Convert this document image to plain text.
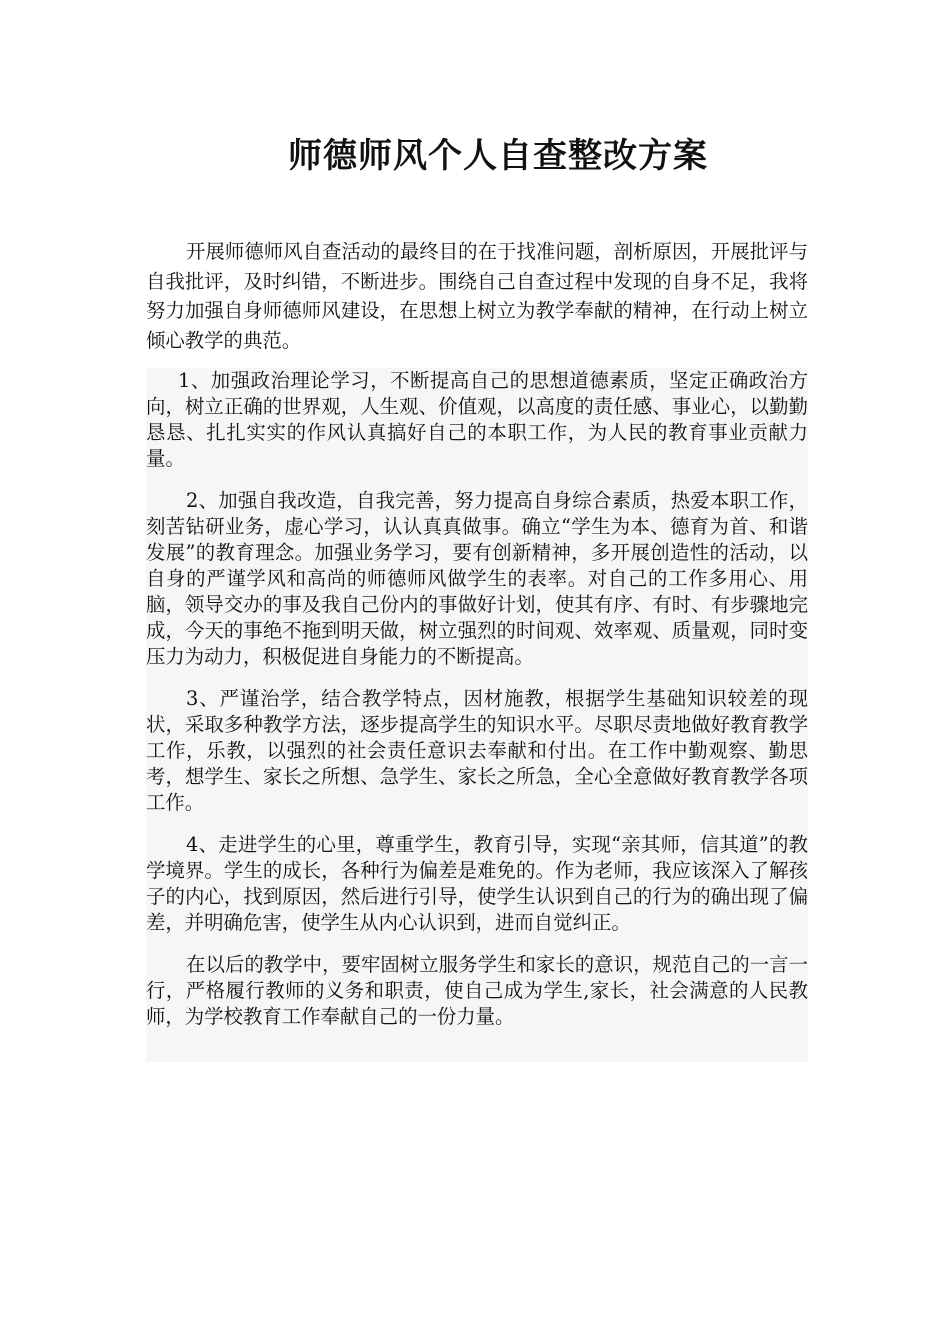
师德师风个人自查整改方案

开展师德师风自查活动的最终目的在于找准问题，剖析原因，开展批评与自我批评，及时纠错，不断进步。围绕自己自查过程中发现的自身不足，我将努力加强自身师德师风建设，在思想上树立为教学奉献的精神，在行动上树立倾心教学的典范。

1、加强政治理论学习，不断提高自己的思想道德素质，坚定正确政治方向，树立正确的世界观，人生观、价值观，以高度的责任感、事业心，以勤勤恳恳、扎扎实实的作风认真搞好自己的本职工作，为人民的教育事业贡献力量。

2、加强自我改造，自我完善，努力提高自身综合素质，热爱本职工作，刻苦钻研业务，虚心学习，认认真真做事。确立“学生为本、德育为首、和谐发展”的教育理念。加强业务学习，要有创新精神，多开展创造性的活动，以自身的严谨学风和高尚的师德师风做学生的表率。对自己的工作多用心、用脑，领导交办的事及我自己份内的事做好计划，使其有序、有时、有步骤地完成，今天的事绝不拖到明天做，树立强烈的时间观、效率观、质量观，同时变压力为动力，积极促进自身能力的不断提高。

3、严谨治学，结合教学特点，因材施教，根据学生基础知识较差的现状，采取多种教学方法，逐步提高学生的知识水平。尽职尽责地做好教育教学工作，乐教，以强烈的社会责任意识去奉献和付出。在工作中勤观察、勤思考，想学生、家长之所想、急学生、家长之所急，全心全意做好教育教学各项工作。

4、走进学生的心里，尊重学生，教育引导，实现“亲其师，信其道”的教学境界。学生的成长，各种行为偏差是难免的。作为老师，我应该深入了解孩子的内心，找到原因，然后进行引导，使学生认识到自己的行为的确出现了偏差，并明确危害，使学生从内心认识到，进而自觉纠正。

在以后的教学中，要牢固树立服务学生和家长的意识，规范自己的一言一行，严格履行教师的义务和职责，使自己成为学生,家长，社会满意的人民教师，为学校教育工作奉献自己的一份力量。
